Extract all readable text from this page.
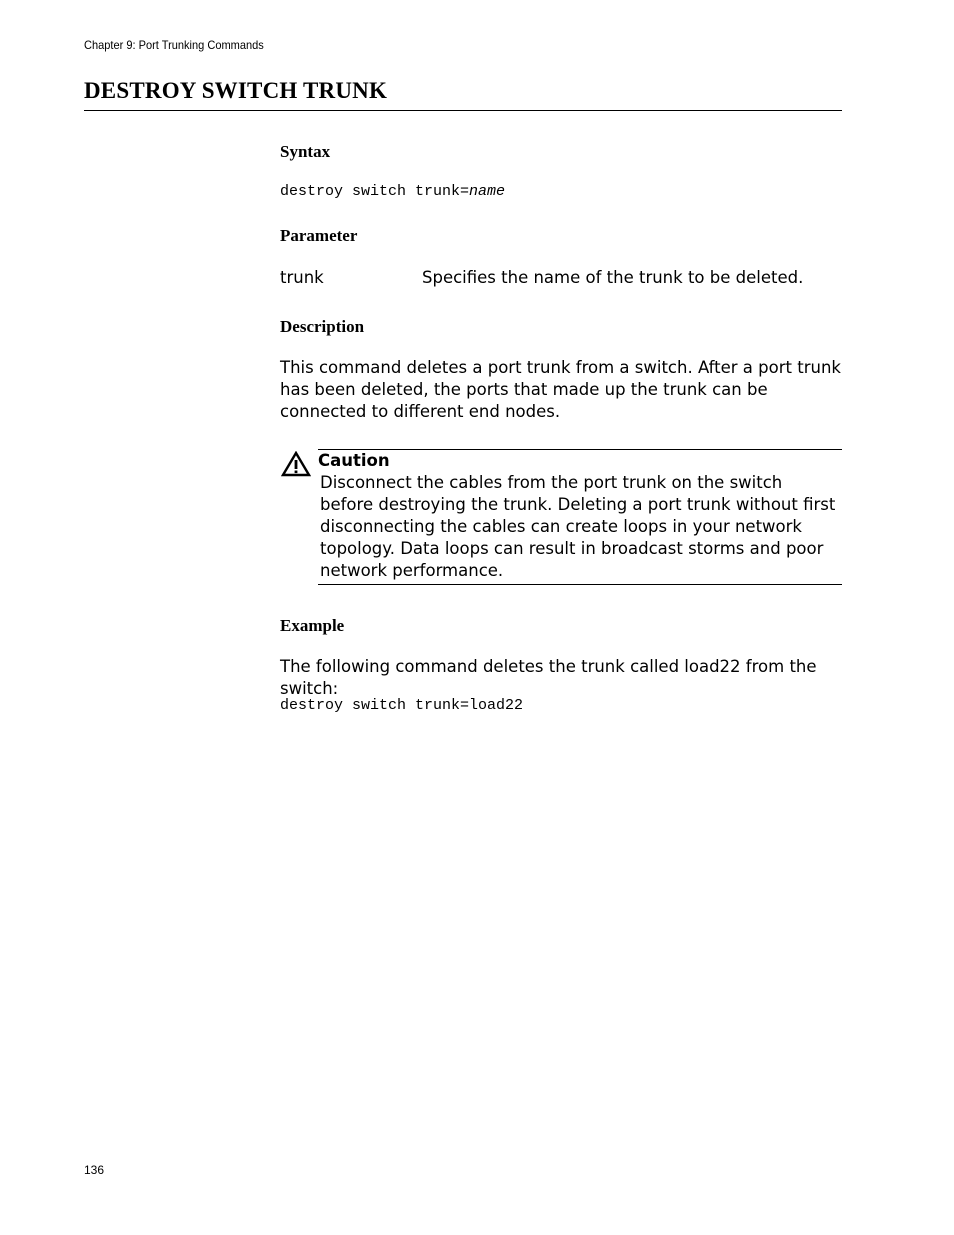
Chapter 9: Port Trunking Commands
DESTROY SWITCH TRUNK
Syntax
destroy switch trunk=name
Parameter
trunk	Specifies the name of the trunk to be deleted.
Description
This command deletes a port trunk from a switch. After a port trunk has been deleted, the ports that made up the trunk can be connected to different end nodes.
Caution
Disconnect the cables from the port trunk on the switch before destroying the trunk. Deleting a port trunk without first disconnecting the cables can create loops in your network topology. Data loops can result in broadcast storms and poor network performance.
Example
The following command deletes the trunk called load22 from the switch:
destroy switch trunk=load22
136
